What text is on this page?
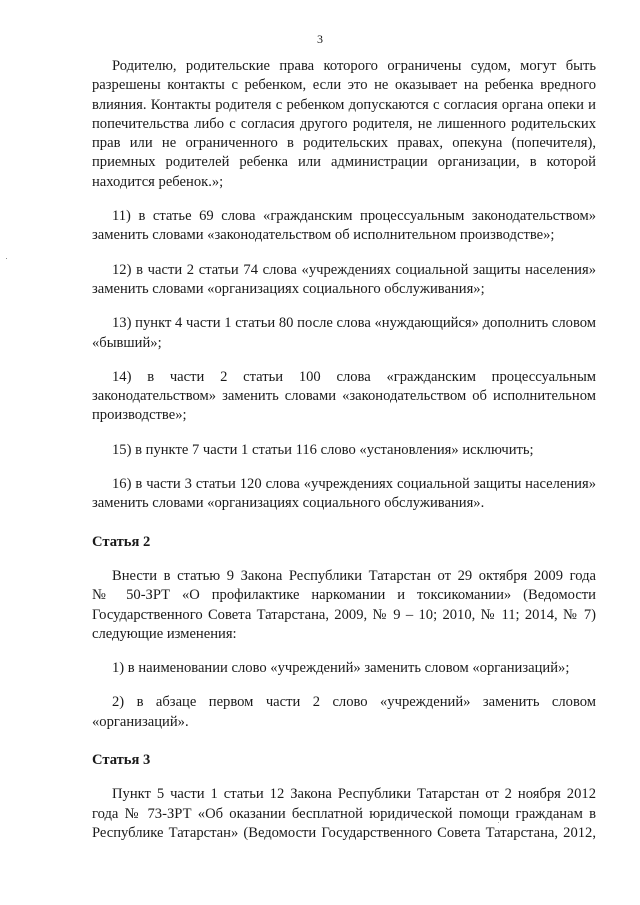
3
Родителю, родительские права которого ограничены судом, могут быть
разрешены контакты с ребенком, если это не оказывает на ребенка вредного
влияния. Контакты родителя с ребенком допускаются с согласия органа опеки и
попечительства либо с согласия другого родителя, не лишенного родительских
прав или не ограниченного в родительских правах, опекуна (попечителя),
приемных родителей ребенка или администрации организации, в которой
находится ребенок.»;
11) в статье 69 слова «гражданским процессуальным законодательством»
заменить словами «законодательством об исполнительном производстве»;
12) в части 2 статьи 74 слова «учреждениях социальной защиты населения»
заменить словами «организациях социального обслуживания»;
13) пункт 4 части 1 статьи 80 после слова «нуждающийся» дополнить словом
«бывший»;
14) в части 2 статьи 100 слова «гражданским процессуальным
законодательством» заменить словами «законодательством об исполнительном
производстве»;
15) в пункте 7 части 1 статьи 116 слово «установления» исключить;
16) в части 3 статьи 120 слова «учреждениях социальной защиты населения»
заменить словами «организациях социального обслуживания».
Статья 2
Внести в статью 9 Закона Республики Татарстан от 29 октября 2009 года
№ 50-ЗРТ «О профилактике наркомании и токсикомании» (Ведомости
Государственного Совета Татарстана, 2009, № 9 – 10; 2010, № 11; 2014, № 7)
следующие изменения:
1) в наименовании слово «учреждений» заменить словом «организаций»;
2) в абзаце первом части 2 слово «учреждений» заменить словом
«организаций».
Статья 3
Пункт 5 части 1 статьи 12 Закона Республики Татарстан от 2 ноября 2012
года № 73-ЗРТ «Об оказании бесплатной юридической помощи гражданам в
Республике Татарстан» (Ведомости Государственного Совета Татарстана, 2012,
